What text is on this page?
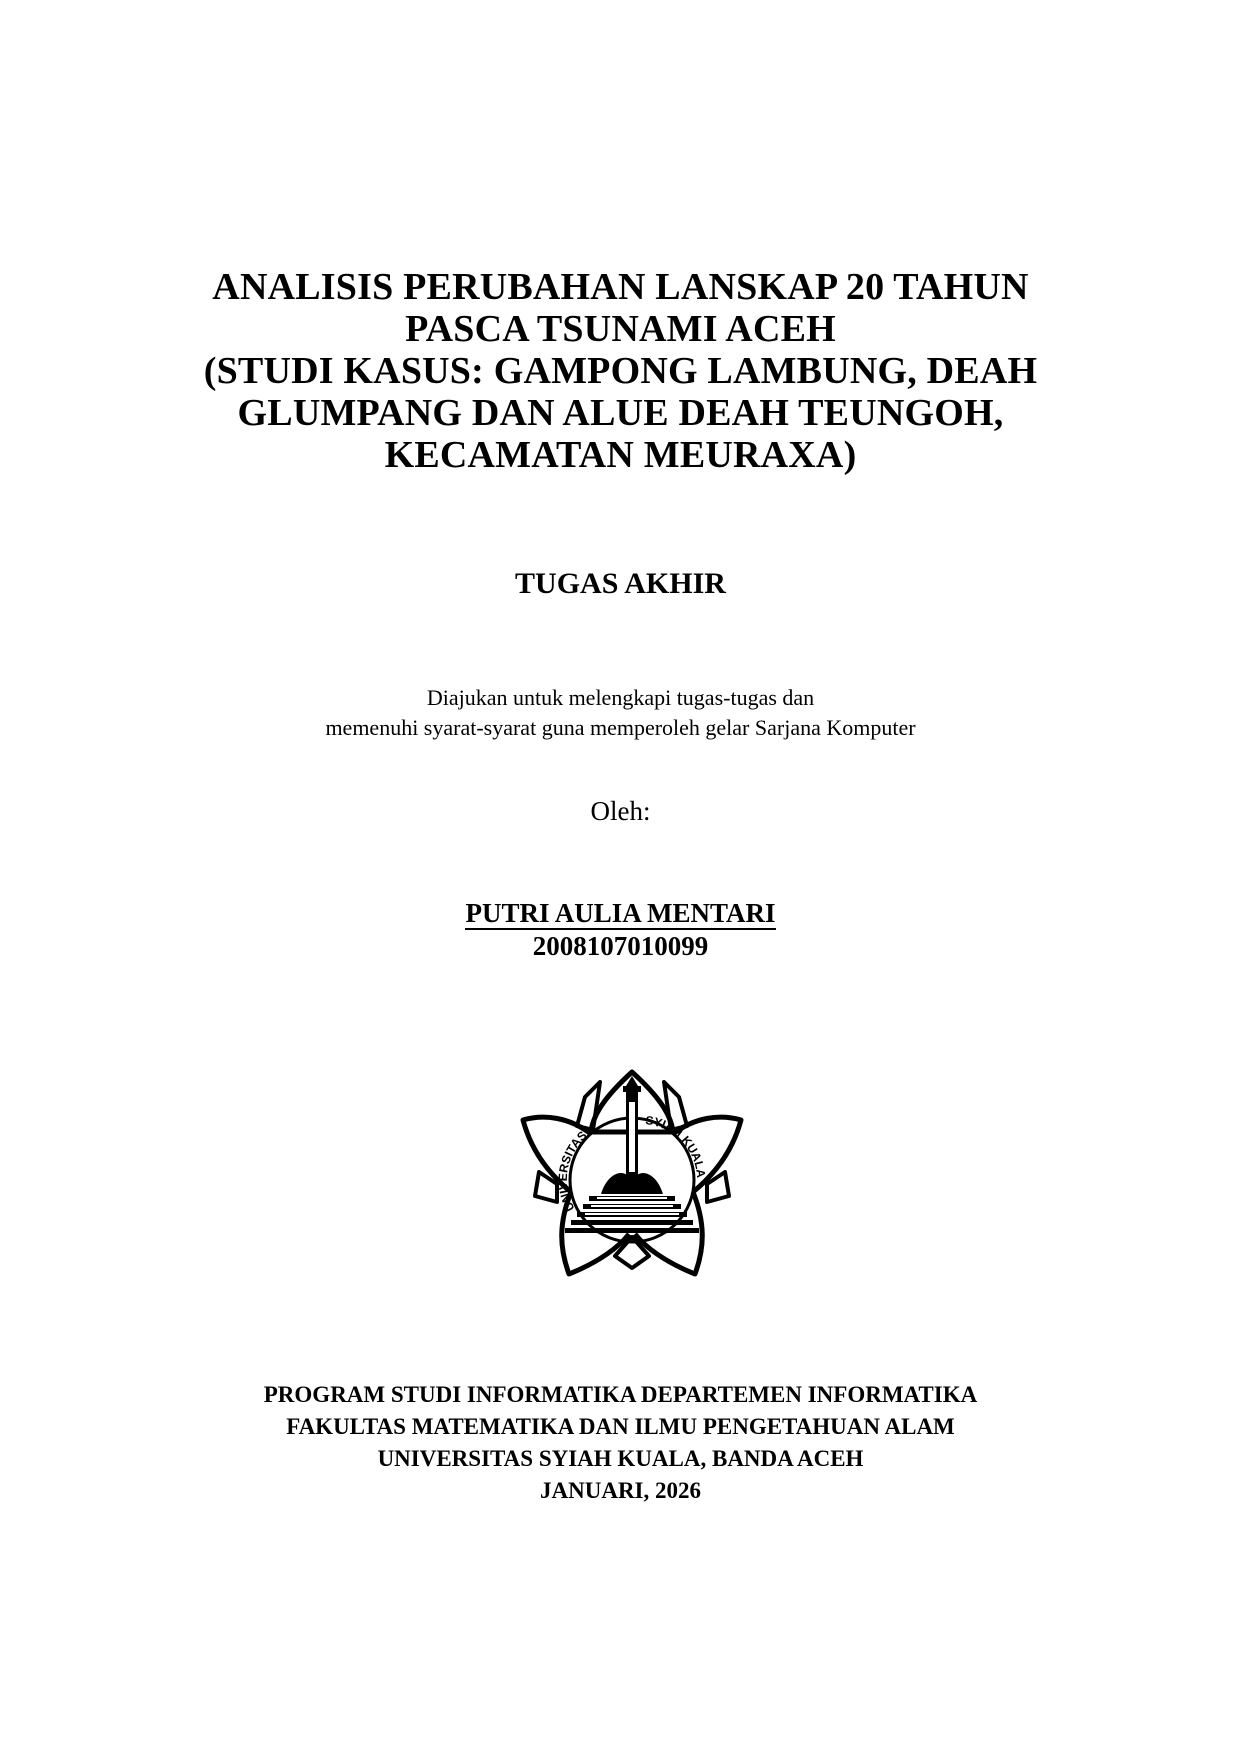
ANALISIS PERUBAHAN LANSKAP 20 TAHUN
PASCA TSUNAMI ACEH
(STUDI KASUS: GAMPONG LAMBUNG, DEAH
GLUMPANG DAN ALUE DEAH TEUNGOH,
KECAMATAN MEURAXA)
TUGAS AKHIR
Diajukan untuk melengkapi tugas-tugas dan
memenuhi syarat-syarat guna memperoleh gelar Sarjana Komputer
Oleh:
PUTRI AULIA MENTARI
2008107010099
UNIVERSITAS
SYIAH KUALA
PROGRAM STUDI INFORMATIKA DEPARTEMEN INFORMATIKA
FAKULTAS MATEMATIKA DAN ILMU PENGETAHUAN ALAM
UNIVERSITAS SYIAH KUALA, BANDA ACEH
JANUARI, 2026
